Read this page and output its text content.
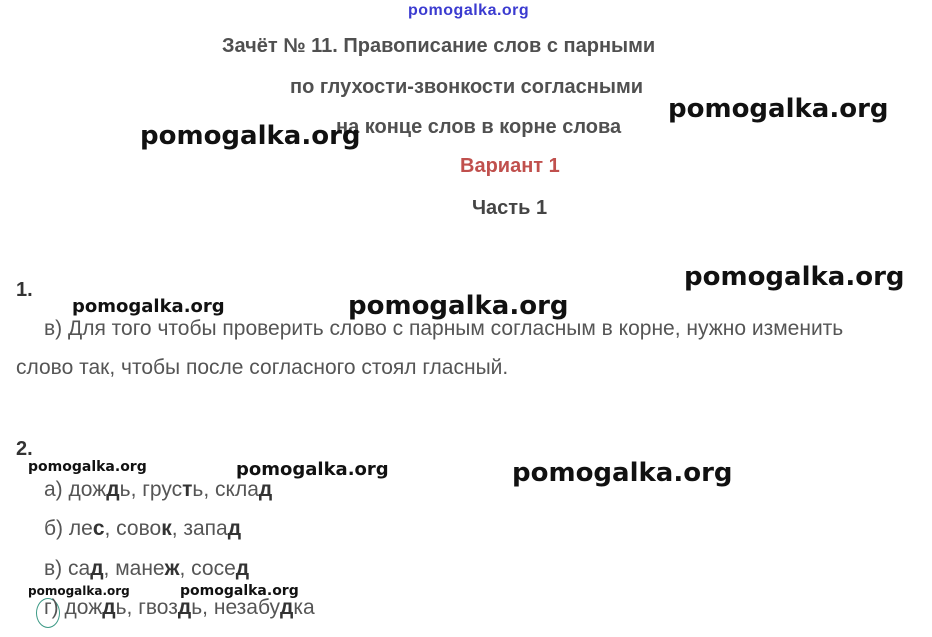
pomogalka.org
Зачёт № 11. Правописание слов с парными
по глухости-звонкости согласными
на конце слов в корне слова
Вариант 1
Часть 1
1.
в) Для того чтобы проверить слово с парным согласным в корне, нужно изменить
слово так, чтобы после согласного стоял гласный.
2.
а) дождь, грусть, склад
б) лес, совок, запад
в) сад, манеж, сосед
г) дождь, гвоздь, незабудка
pomogalka.org
pomogalka.org
pomogalka.org
pomogalka.org
pomogalka.org
pomogalka.org
pomogalka.org
pomogalka.org
pomogalka.org
pomogalka.org
